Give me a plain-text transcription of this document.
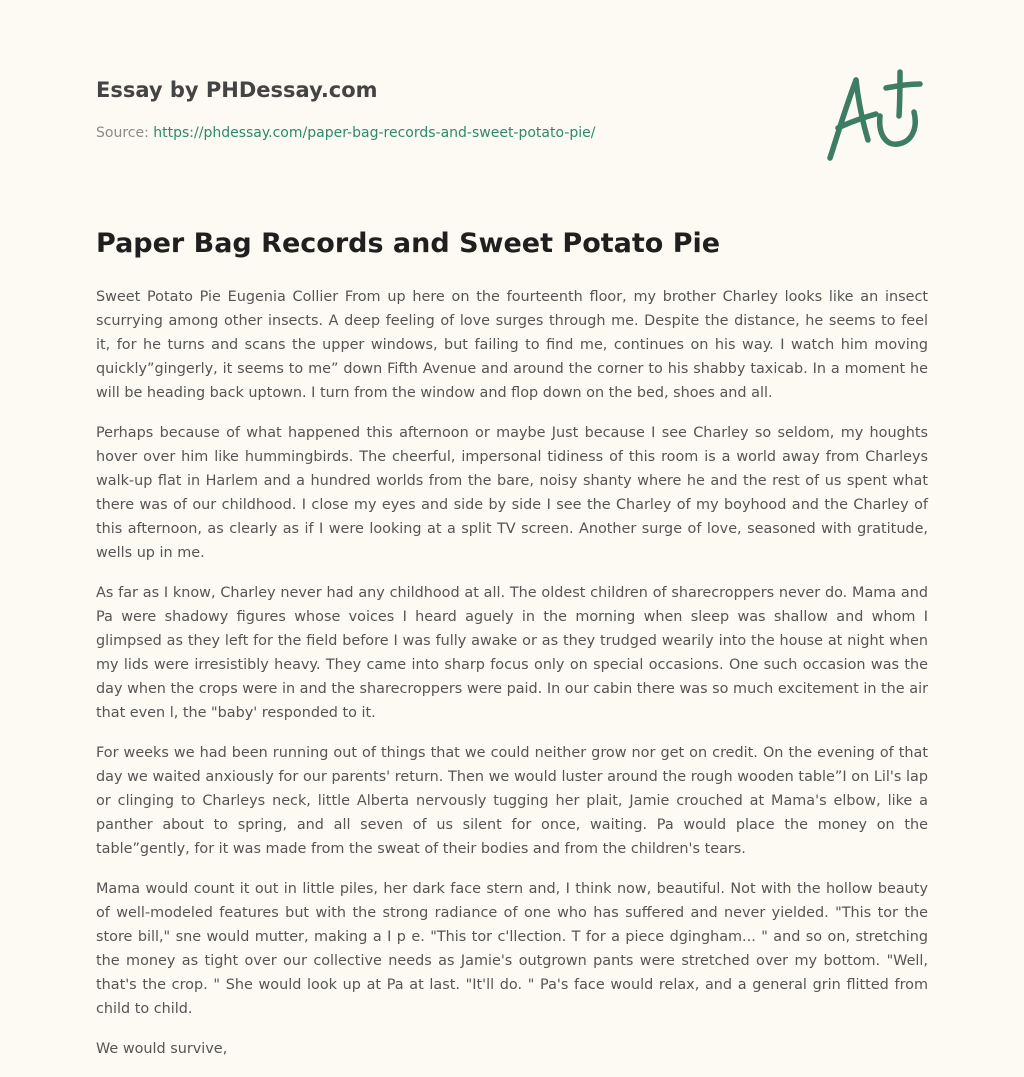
Essay by PHDessay.com
Source: https://phdessay.com/paper-bag-records-and-sweet-potato-pie/
Paper Bag Records and Sweet Potato Pie

Sweet Potato Pie Eugenia Collier From up here on the fourteenth floor, my brother Charley looks like an insect scurrying among other insects. A deep feeling of love surges through me. Despite the distance, he seems to feel it, for he turns and scans the upper windows, but failing to find me, continues on his way. I watch him moving quickly”gingerly, it seems to me” down Fifth Avenue and around the corner to his shabby taxicab. In a moment he will be heading back uptown. I turn from the window and flop down on the bed, shoes and all.

Perhaps because of what happened this afternoon or maybe Just because I see Charley so seldom, my houghts hover over him like hummingbirds. The cheerful, impersonal tidiness of this room is a world away from Charleys walk-up flat in Harlem and a hundred worlds from the bare, noisy shanty where he and the rest of us spent what there was of our childhood. I close my eyes and side by side I see the Charley of my boyhood and the Charley of this afternoon, as clearly as if I were looking at a split TV screen. Another surge of love, seasoned with gratitude, wells up in me.

As far as I know, Charley never had any childhood at all. The oldest children of sharecroppers never do. Mama and Pa were shadowy figures whose voices I heard aguely in the morning when sleep was shallow and whom I glimpsed as they left for the field before I was fully awake or as they trudged wearily into the house at night when my lids were irresistibly heavy. They came into sharp focus only on special occasions. One such occasion was the day when the crops were in and the sharecroppers were paid. In our cabin there was so much excitement in the air that even l, the "baby' responded to it.

For weeks we had been running out of things that we could neither grow nor get on credit. On the evening of that day we waited anxiously for our parents' return. Then we would luster around the rough wooden table”I on Lil's lap or clinging to Charleys neck, little Alberta nervously tugging her plait, Jamie crouched at Mama's elbow, like a panther about to spring, and all seven of us silent for once, waiting. Pa would place the money on the table”gently, for it was made from the sweat of their bodies and from the children's tears.

Mama would count it out in little piles, her dark face stern and, I think now, beautiful. Not with the hollow beauty of well-modeled features but with the strong radiance of one who has suffered and never yielded. "This tor the store bill," sne would mutter, making a I p e. "This tor c'llection. T for a piece dgingham... " and so on, stretching the money as tight over our collective needs as Jamie's outgrown pants were stretched over my bottom. "Well, that's the crop. " She would look up at Pa at last. "It'll do. " Pa's face would relax, and a general grin flitted from child to child.

We would survive,
